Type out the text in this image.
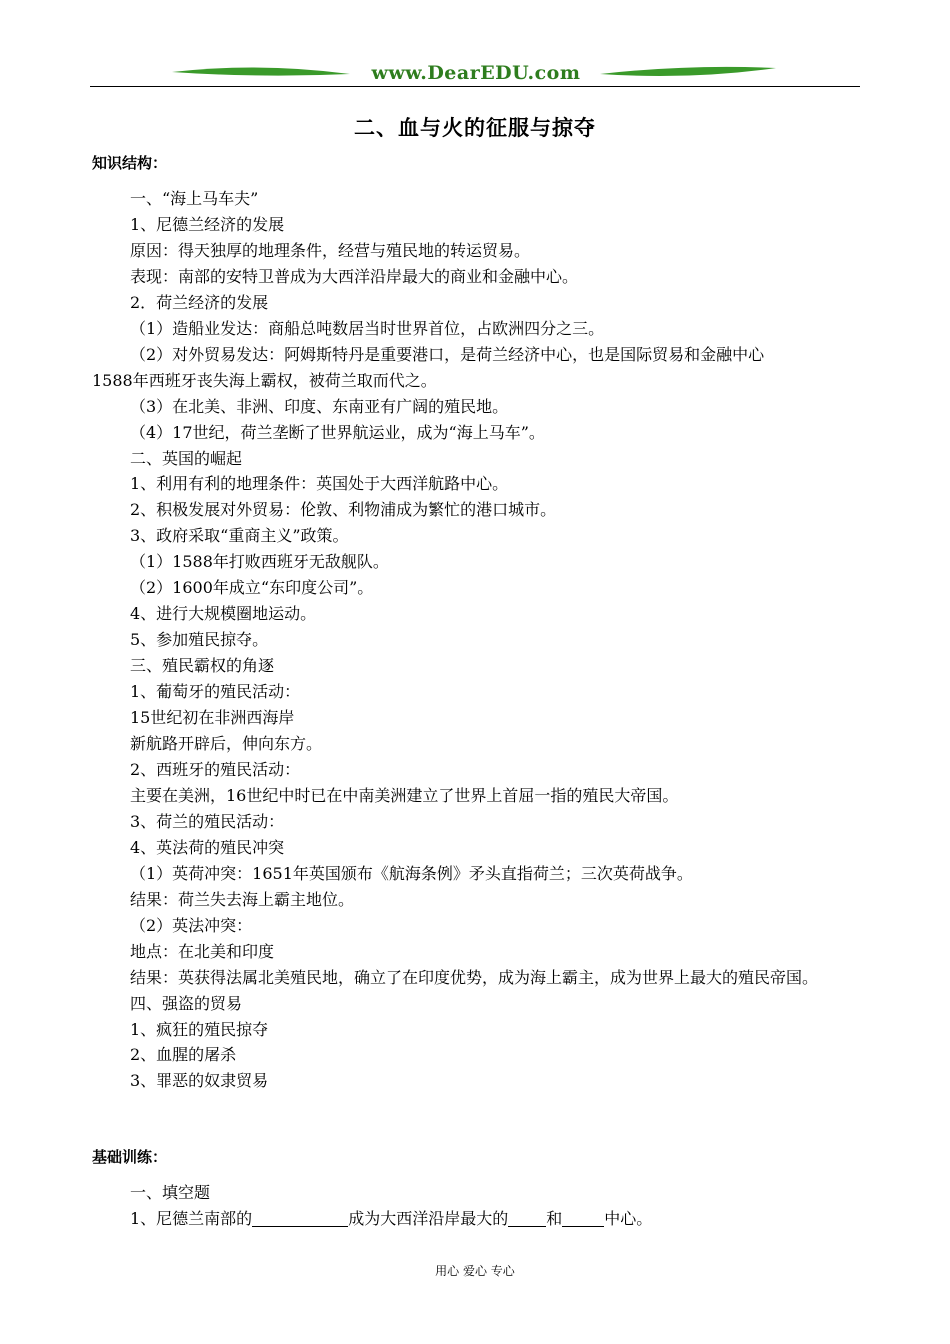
www.DearEDU.com
二、血与火的征服与掠夺
知识结构：
一、“海上马车夫”
1、尼德兰经济的发展
原因：得天独厚的地理条件，经营与殖民地的转运贸易。
表现：南部的安特卫普成为大西洋沿岸最大的商业和金融中心。
2．荷兰经济的发展
（1）造船业发达：商船总吨数居当时世界首位，占欧洲四分之三。
（2）对外贸易发达：阿姆斯特丹是重要港口，是荷兰经济中心，也是国际贸易和金融中心
1588年西班牙丧失海上霸权，被荷兰取而代之。
（3）在北美、非洲、印度、东南亚有广阔的殖民地。
（4）17世纪，荷兰垄断了世界航运业，成为“海上马车”。
二、英国的崛起
1、利用有利的地理条件：英国处于大西洋航路中心。
2、积极发展对外贸易：伦敦、利物浦成为繁忙的港口城市。
3、政府采取“重商主义”政策。
（1）1588年打败西班牙无敌舰队。
（2）1600年成立“东印度公司”。
4、进行大规模圈地运动。
5、参加殖民掠夺。
三、殖民霸权的角逐
1、葡萄牙的殖民活动：
15世纪初在非洲西海岸
新航路开辟后，伸向东方。
2、西班牙的殖民活动：
主要在美洲，16世纪中时已在中南美洲建立了世界上首屈一指的殖民大帝国。
3、荷兰的殖民活动：
4、英法荷的殖民冲突
（1）英荷冲突：1651年英国颁布《航海条例》矛头直指荷兰；三次英荷战争。
结果：荷兰失去海上霸主地位。
（2）英法冲突：
地点：在北美和印度
结果：英获得法属北美殖民地，确立了在印度优势，成为海上霸主，成为世界上最大的殖民帝国。
四、强盗的贸易
1、疯狂的殖民掠夺
2、血腥的屠杀
3、罪恶的奴隶贸易
基础训练：
一、填空题
1、尼德兰南部的	成为大西洋沿岸最大的 和	中心。
用心 爱心 专心
